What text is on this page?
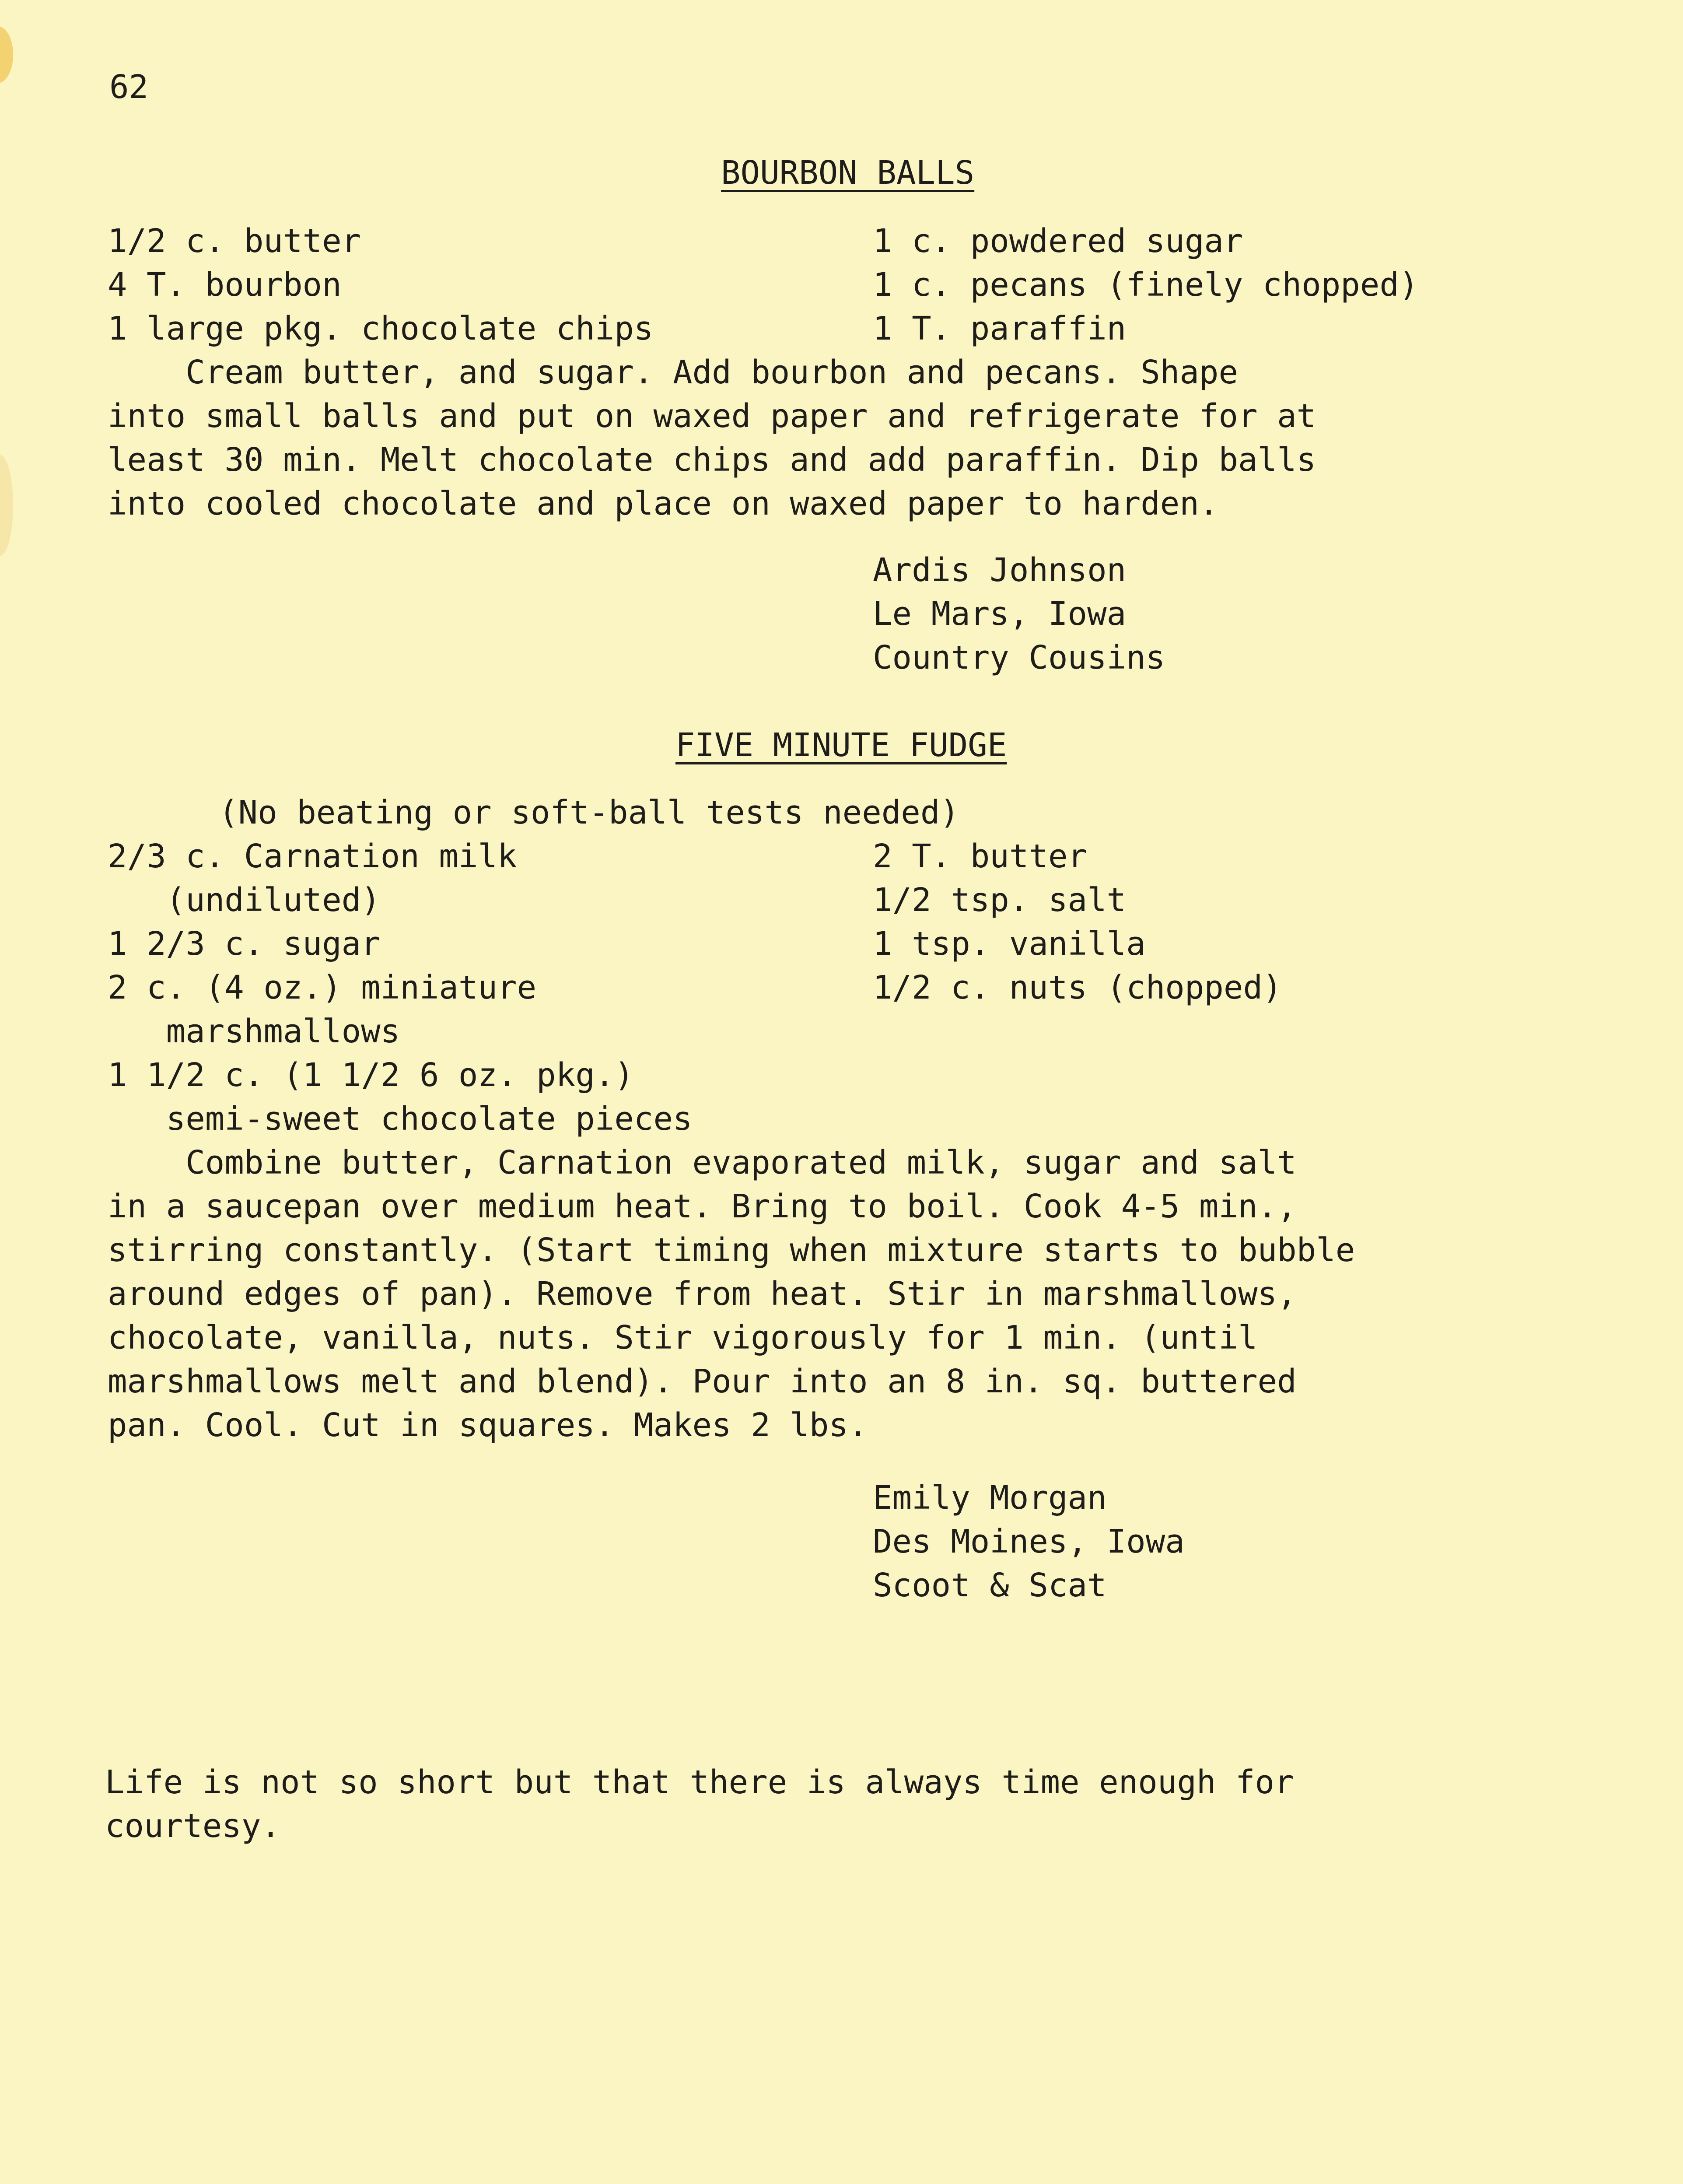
62
BOURBON BALLS
1/2 c. butter
4 T. bourbon
1 large pkg. chocolate chips
1 c. powdered sugar
1 c. pecans (finely chopped)
1 T. paraffin
Cream butter, and sugar. Add bourbon and pecans. Shape
into small balls and put on waxed paper and refrigerate for at
least 30 min. Melt chocolate chips and add paraffin. Dip balls
into cooled chocolate and place on waxed paper to harden.
Ardis Johnson
Le Mars, Iowa
Country Cousins
FIVE MINUTE FUDGE
(No beating or soft-ball tests needed)
2/3 c. Carnation milk
(undiluted)
1 2/3 c. sugar
2 c. (4 oz.) miniature
marshmallows
1 1/2 c. (1 1/2 6 oz. pkg.)
semi-sweet chocolate pieces
2 T. butter
1/2 tsp. salt
1 tsp. vanilla
1/2 c. nuts (chopped)
Combine butter, Carnation evaporated milk, sugar and salt
in a saucepan over medium heat. Bring to boil. Cook 4-5 min.,
stirring constantly. (Start timing when mixture starts to bubble
around edges of pan). Remove from heat. Stir in marshmallows,
chocolate, vanilla, nuts. Stir vigorously for 1 min. (until
marshmallows melt and blend). Pour into an 8 in. sq. buttered
pan. Cool. Cut in squares. Makes 2 lbs.
Emily Morgan
Des Moines, Iowa
Scoot & Scat
Life is not so short but that there is always time enough for
courtesy.
